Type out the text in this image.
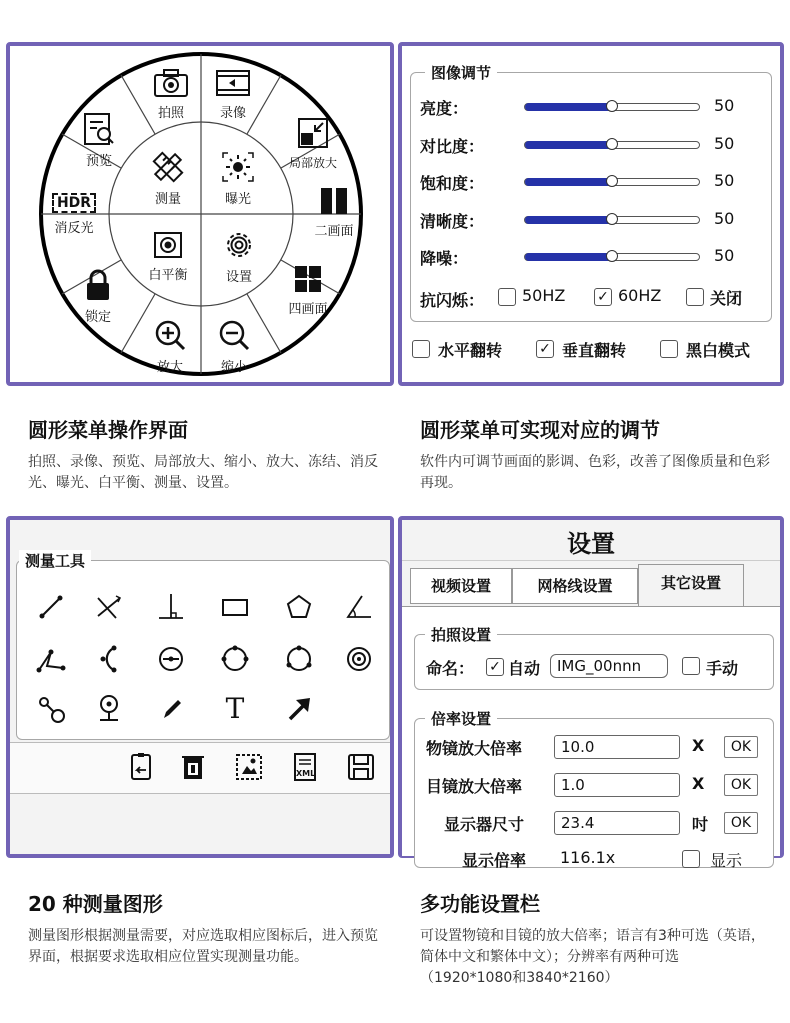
拍照	录像
预览	局部放大
HDR
消反光	二画面
锁定
四画面
放大	缩小
测量	曝光
白平衡	设置
图像调节
抗闪烁： 50HZ ✓ 60HZ	关闭
水平翻转	✓ 垂直翻转	黑白模式
亮度：	50
对比度：	50
饱和度：	50
清晰度：	50
降噪：	50
测量工具
T
XML
设置
视频设置	网格线设置	其它设置
拍照设置
命名： ✓ 自动	IMG_00nnn	手动
倍率设置
显示倍率 116.1x	显示
物镜放大倍率	10.0	X	OK
目镜放大倍率	1.0	X	OK
显示器尺寸	23.4	吋	OK
圆形菜单操作界面
拍照、录像、预览、局部放大、缩小、放大、冻结、消反光、曝光、白平衡、测量、设置。
圆形菜单可实现对应的调节
软件内可调节画面的影调、色彩，改善了图像质量和色彩再现。
20 种测量图形
测量图形根据测量需要，对应选取相应图标后，进入预览界面，根据要求选取相应位置实现测量功能。
多功能设置栏
可设置物镜和目镜的放大倍率；语言有3种可选（英语，简体中文和繁体中文）；分辨率有两种可选（1920*1080和3840*2160）
